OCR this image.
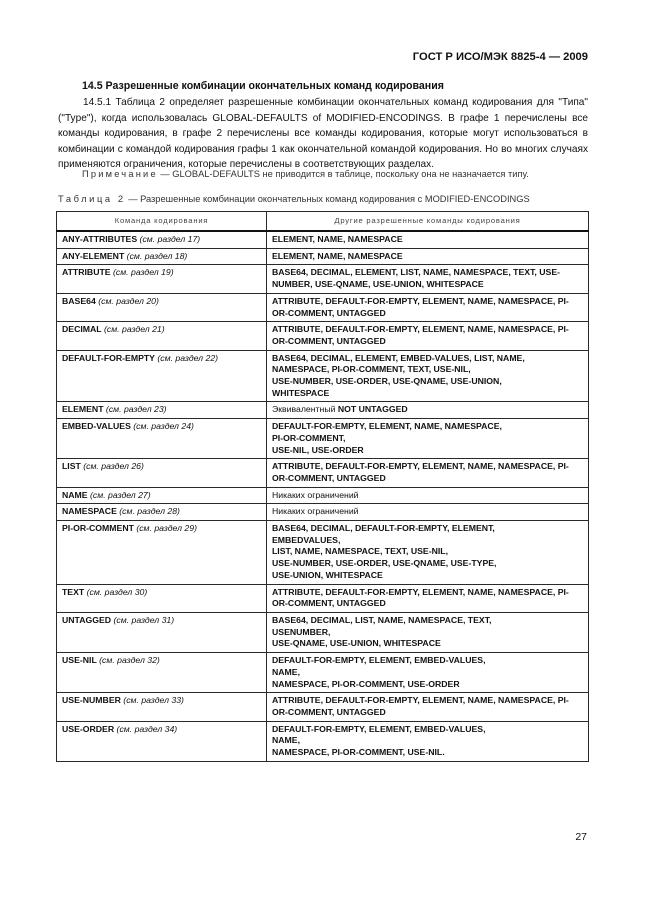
ГОСТ Р ИСО/МЭК 8825-4 — 2009
14.5 Разрешенные комбинации окончательных команд кодирования
14.5.1 Таблица 2 определяет разрешенные комбинации окончательных команд кодирования для "Типа" ("Type"), когда использовалась GLOBAL-DEFAULTS of MODIFIED-ENCODINGS. В графе 1 перечислены все команды кодирования, в графе 2 перечислены все команды кодирования, которые могут использоваться в комбинации с командой кодирования графы 1 как окончательной командой кодирования. Но во многих случаях применяются ограничения, которые перечислены в соответствующих разделах.
Примечание — GLOBAL-DEFAULTS не приводится в таблице, поскольку она не назначается типу.
Таблица 2 — Разрешенные комбинации окончательных команд кодирования с MODIFIED-ENCODINGS
Команда кодирования	Другие разрешенные команды кодирования
ANY-ATTRIBUTES (см. раздел 17)	ELEMENT, NAME, NAMESPACE
ANY-ELEMENT (см. раздел 18)	ELEMENT, NAME, NAMESPACE
ATTRIBUTE (см. раздел 19)	BASE64, DECIMAL, ELEMENT, LIST, NAME, NAMESPACE, TEXT, USE-NUMBER, USE-QNAME, USE-UNION, WHITESPACE
BASE64 (см. раздел 20)	ATTRIBUTE, DEFAULT-FOR-EMPTY, ELEMENT, NAME, NAMESPACE, PI-OR-COMMENT, UNTAGGED
DECIMAL (см. раздел 21)	ATTRIBUTE, DEFAULT-FOR-EMPTY, ELEMENT, NAME, NAMESPACE, PI-OR-COMMENT, UNTAGGED
DEFAULT-FOR-EMPTY (см. раздел 22)	BASE64, DECIMAL, ELEMENT, EMBED-VALUES, LIST, NAME,
NAMESPACE, PI-OR-COMMENT, TEXT, USE-NIL,
USE-NUMBER, USE-ORDER, USE-QNAME, USE-UNION,
WHITESPACE
ELEMENT (см. раздел 23)	Эквивалентный NOT UNTAGGED
EMBED-VALUES (см. раздел 24)	DEFAULT-FOR-EMPTY, ELEMENT, NAME, NAMESPACE,
PI-OR-COMMENT,
USE-NIL, USE-ORDER
LIST (см. раздел 26)	ATTRIBUTE, DEFAULT-FOR-EMPTY, ELEMENT, NAME, NAMESPACE, PI-OR-COMMENT, UNTAGGED
NAME (см. раздел 27)	Никаких ограничений
NAMESPACE (см. раздел 28)	Никаких ограничений
PI-OR-COMMENT (см. раздел 29)	BASE64, DECIMAL, DEFAULT-FOR-EMPTY, ELEMENT,
EMBEDVALUES,
LIST, NAME, NAMESPACE, TEXT, USE-NIL,
USE-NUMBER, USE-ORDER, USE-QNAME, USE-TYPE,
USE-UNION, WHITESPACE
TEXT (см. раздел 30)	ATTRIBUTE, DEFAULT-FOR-EMPTY, ELEMENT, NAME, NAMESPACE, PI-OR-COMMENT, UNTAGGED
UNTAGGED (см. раздел 31)	BASE64, DECIMAL, LIST, NAME, NAMESPACE, TEXT,
USENUMBER,
USE-QNAME, USE-UNION, WHITESPACE
USE-NIL (см. раздел 32)	DEFAULT-FOR-EMPTY, ELEMENT, EMBED-VALUES,
NAME,
NAMESPACE, PI-OR-COMMENT, USE-ORDER
USE-NUMBER (см. раздел 33)	ATTRIBUTE, DEFAULT-FOR-EMPTY, ELEMENT, NAME, NAMESPACE, PI-OR-COMMENT, UNTAGGED
USE-ORDER (см. раздел 34)	DEFAULT-FOR-EMPTY, ELEMENT, EMBED-VALUES,
NAME,
NAMESPACE, PI-OR-COMMENT, USE-NIL.
27
